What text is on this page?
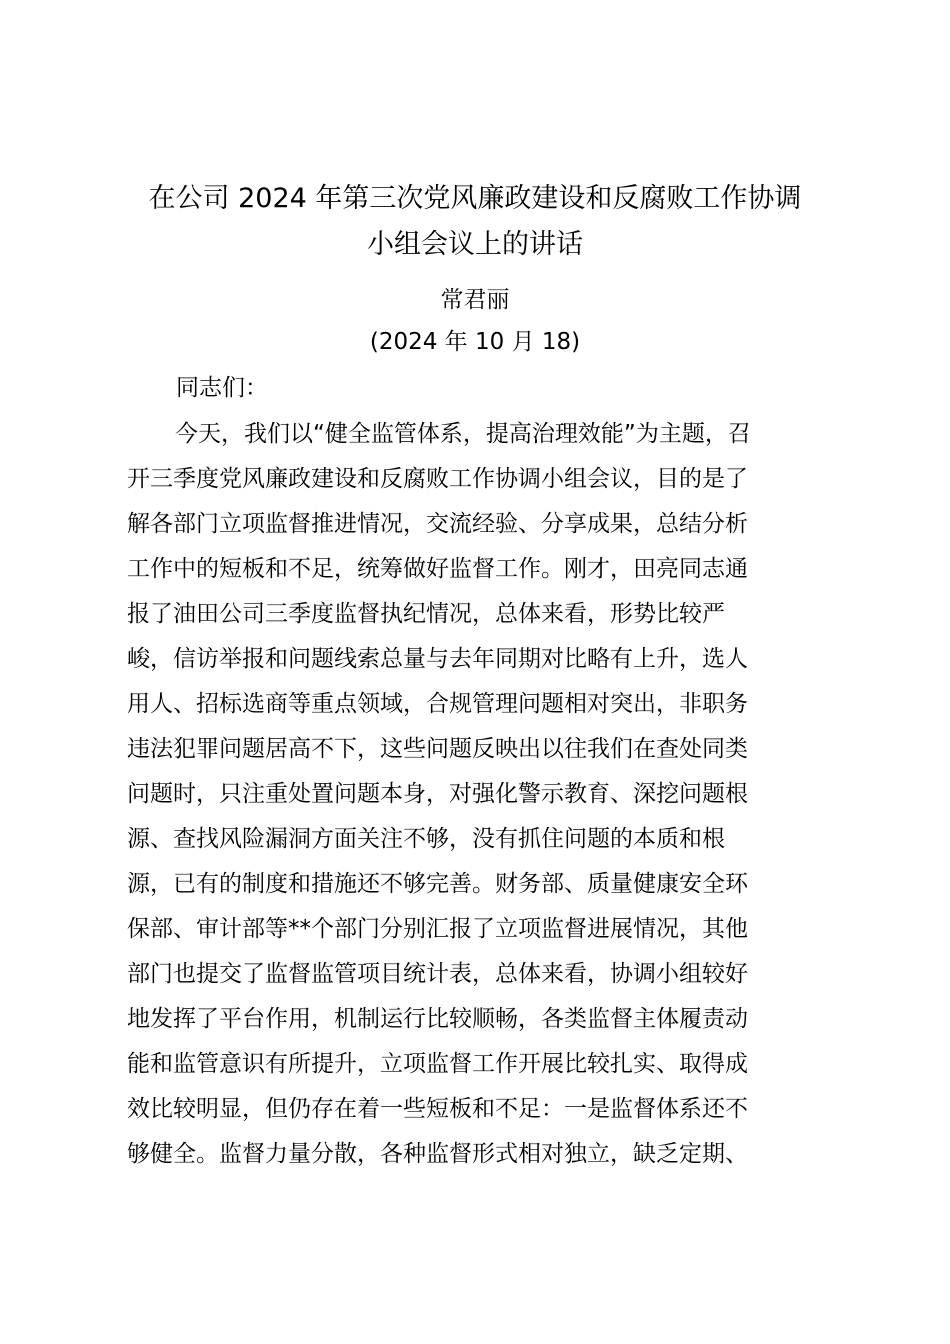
在公司 2024 年第三次党风廉政建设和反腐败工作协调
小组会议上的讲话

常君丽

(2024 年 10 月 18)

同志们：

今天，我们以“健全监管体系，提高治理效能”为主题，召
开三季度党风廉政建设和反腐败工作协调小组会议，目的是了
解各部门立项监督推进情况，交流经验、分享成果，总结分析
工作中的短板和不足，统筹做好监督工作。刚才，田亮同志通
报了油田公司三季度监督执纪情况，总体来看，形势比较严
峻，信访举报和问题线索总量与去年同期对比略有上升，选人
用人、招标选商等重点领域，合规管理问题相对突出，非职务
违法犯罪问题居高不下，这些问题反映出以往我们在查处同类
问题时，只注重处置问题本身，对强化警示教育、深挖问题根
源、查找风险漏洞方面关注不够，没有抓住问题的本质和根
源，已有的制度和措施还不够完善。财务部、质量健康安全环
保部、审计部等**个部门分别汇报了立项监督进展情况，其他
部门也提交了监督监管项目统计表，总体来看，协调小组较好
地发挥了平台作用，机制运行比较顺畅，各类监督主体履责动
能和监管意识有所提升，立项监督工作开展比较扎实、取得成
效比较明显，但仍存在着一些短板和不足：一是监督体系还不
够健全。监督力量分散，各种监督形式相对独立，缺乏定期、
